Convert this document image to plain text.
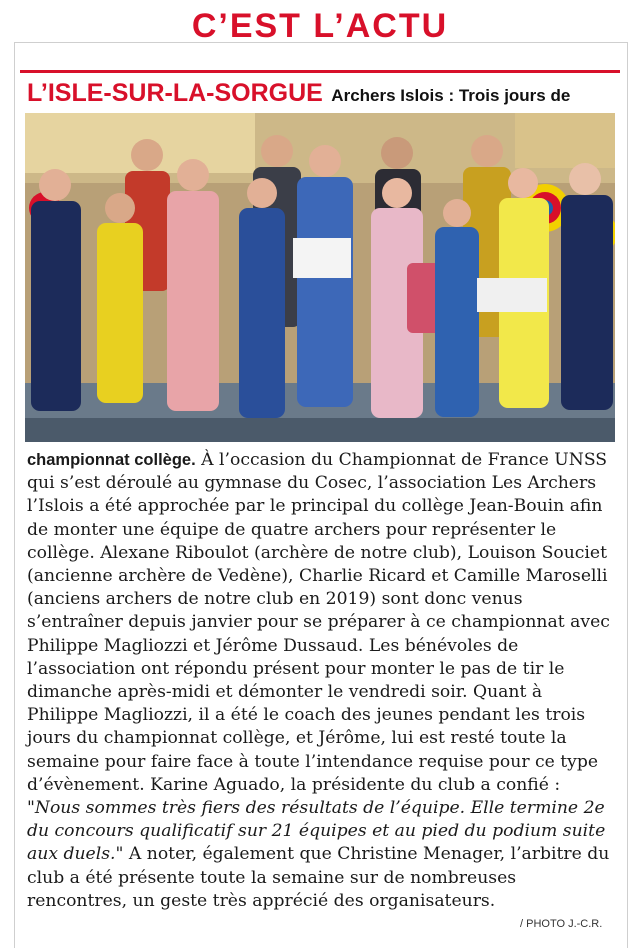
C’EST L’ACTU
L’ISLE-SUR-LA-SORGUE Archers Islois : Trois jours de
championnat collège. À l’occasion du Championnat de France UNSS qui s’est déroulé au gymnase du Cosec, l’association Les Archers l’Islois a été approchée par le principal du collège Jean-Bouin afin de monter une équipe de quatre archers pour représenter le collège. Alexane Riboulot (archère de notre club), Louison Souciet (ancienne archère de Vedène), Charlie Ricard et Camille Maroselli (anciens archers de notre club en 2019) sont donc venus s’entraîner depuis janvier pour se préparer à ce championnat avec Philippe Magliozzi et Jérôme Dussaud. Les bénévoles de l’association ont répondu présent pour monter le pas de tir le dimanche après-midi et démonter le vendredi soir. Quant à Philippe Magliozzi, il a été le coach des jeunes pendant les trois jours du championnat collège, et Jérôme, lui est resté toute la semaine pour faire face à toute l’intendance requise pour ce type d’évènement. Karine Aguado, la présidente du club a confié : "Nous sommes très fiers des résultats de l’équipe. Elle termine 2e du concours qualificatif sur 21 équipes et au pied du podium suite aux duels." A noter, également que Christine Menager, l’arbitre du club a été présente toute la semaine sur de nombreuses rencontres, un geste très apprécié des organisateurs.
/ PHOTO J.-C.R.
